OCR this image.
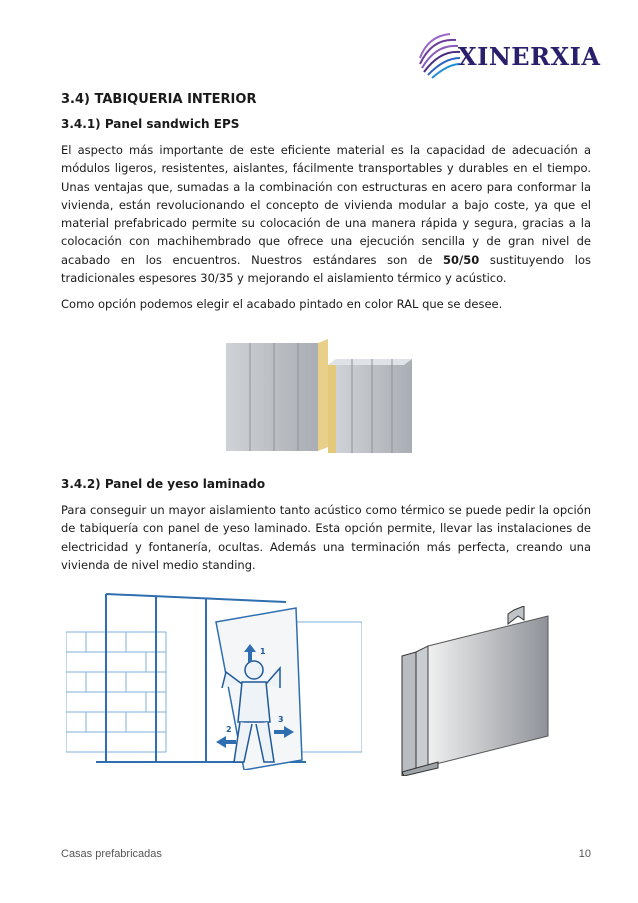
XINERXIA
3.4) TABIQUERIA INTERIOR
3.4.1) Panel sandwich EPS

El aspecto más importante de este eficiente material es la capacidad de adecuación a módulos ligeros, resistentes, aislantes, fácilmente transportables y durables en el tiempo. Unas ventajas que, sumadas a la combinación con estructuras en acero para conformar la vivienda, están revolucionando el concepto de vivienda modular a bajo coste, ya que el material prefabricado permite su colocación de una manera rápida y segura, gracias a la colocación con machihembrado que ofrece una ejecución sencilla y de gran nivel de acabado en los encuentros. Nuestros estándares son de 50/50 sustituyendo los tradicionales espesores 30/35 y mejorando el aislamiento térmico y acústico.

Como opción podemos elegir el acabado pintado en color RAL que se desee.

3.4.2) Panel de yeso laminado

Para conseguir un mayor aislamiento tanto acústico como térmico se puede pedir la opción de tabiquería con panel de yeso laminado. Esta opción permite, llevar las instalaciones de electricidad y fontanería, ocultas. Además una terminación más perfecta, creando una vivienda de nivel medio standing.

1
2
3
Casas prefabricadas	10
